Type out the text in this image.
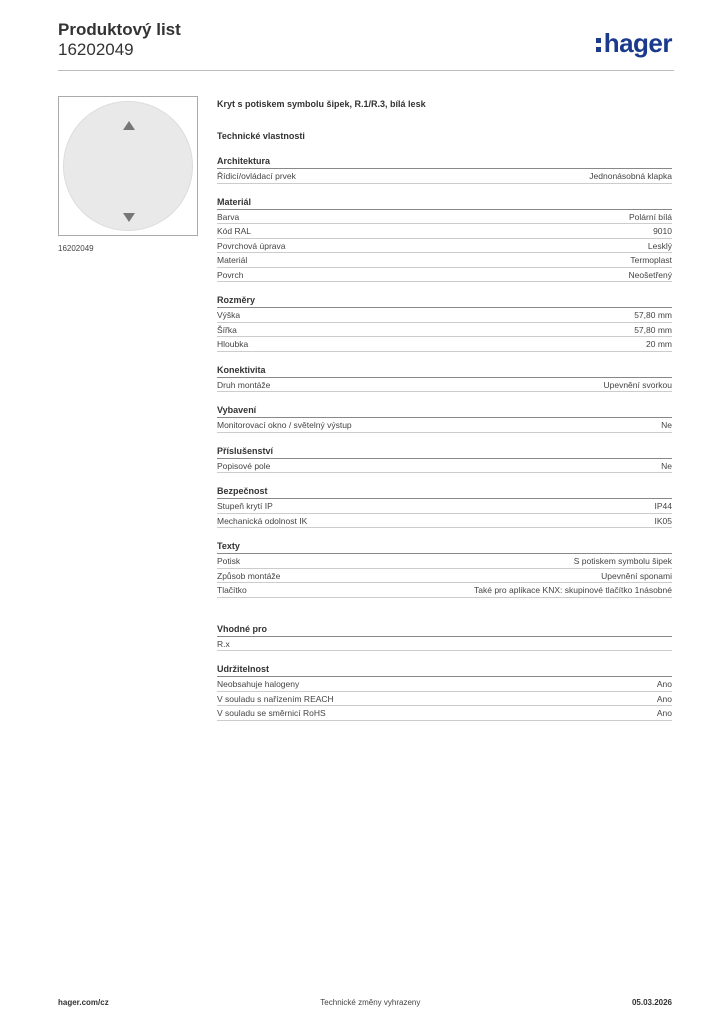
Produktový list
16202049	hager
16202049
Kryt s potiskem symbolu šipek, R.1/R.3, bílá lesk
Technické vlastnosti
Architektura
Řídicí/ovládací prvek	Jednonásobná klapka
Materiál
Barva	Polární bílá
Kód RAL	9010
Povrchová úprava	Lesklý
Materiál	Termoplast
Povrch	Neošetřený
Rozměry
Výška	57,80 mm
Šířka	57,80 mm
Hloubka	20 mm
Konektivita
Druh montáže	Upevnění svorkou
Vybavení
Monitorovací okno / světelný výstup	Ne
Příslušenství
Popisové pole	Ne
Bezpečnost
Stupeň krytí IP	IP44
Mechanická odolnost IK	IK05
Texty
Potisk	S potiskem symbolu šipek
Způsob montáže	Upevnění sponami
Tlačítko	Také pro aplikace KNX: skupinové tlačítko 1násobné
Vhodné pro
R.x
Udržitelnost
Neobsahuje halogeny	Ano
V souladu s nařízením REACH	Ano
V souladu se směrnicí RoHS	Ano
hager.com/cz	Technické změny vyhrazeny	05.03.2026
